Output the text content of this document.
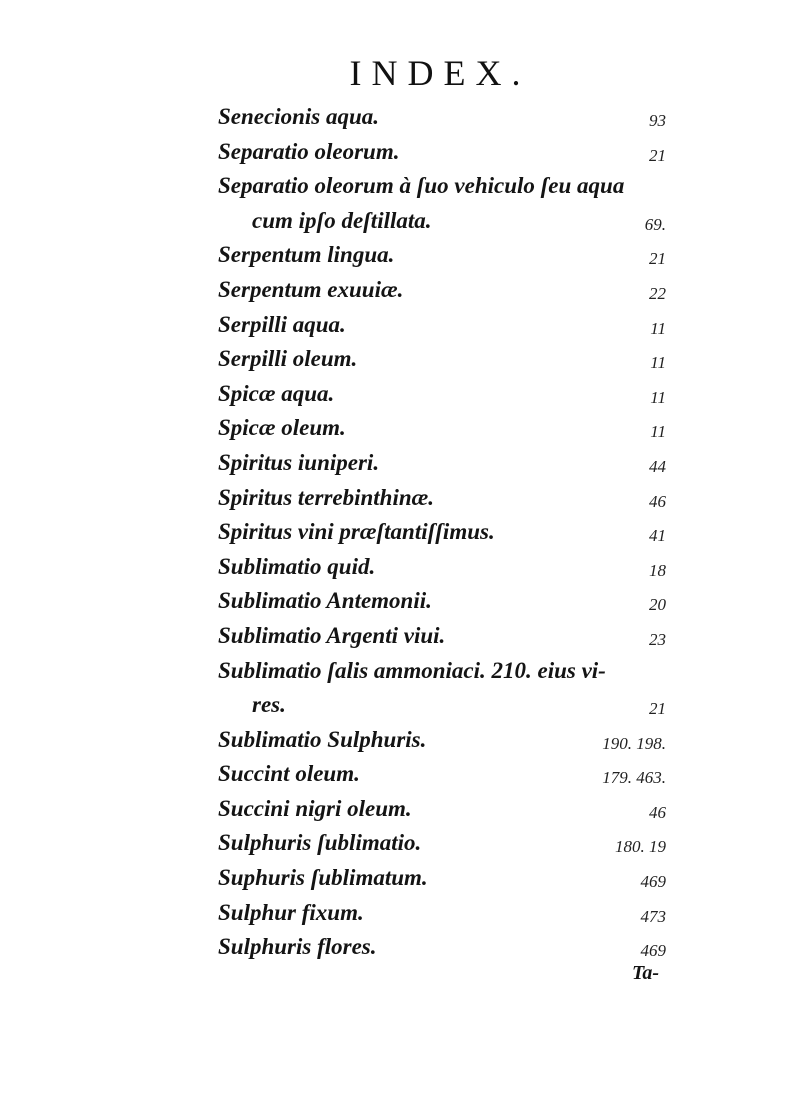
INDEX.
Senecionis aqua.	93
Separatio oleorum.	21
Separatio oleorum à ſuo vehiculo ſeu aqua
cum ipſo deſtillata.	69.
Serpentum lingua.	21
Serpentum exuuiæ.	22
Serpilli aqua.	11
Serpilli oleum.	11
Spicæ aqua.	11
Spicæ oleum.	11
Spiritus iuniperi.	44
Spiritus terrebinthinæ.	46
Spiritus vini præſtantiſſimus.	41
Sublimatio quid.	18
Sublimatio Antemonii.	20
Sublimatio Argenti viui.	23
Sublimatio ſalis ammoniaci. 210. eius vi-
res.	21
Sublimatio Sulphuris.	190. 198.
Succint oleum.	179. 463.
Succini nigri oleum.	46
Sulphuris ſublimatio.	180. 19
Suphuris ſublimatum.	469
Sulphur fixum.	473
Sulphuris flores.	469
Ta-
